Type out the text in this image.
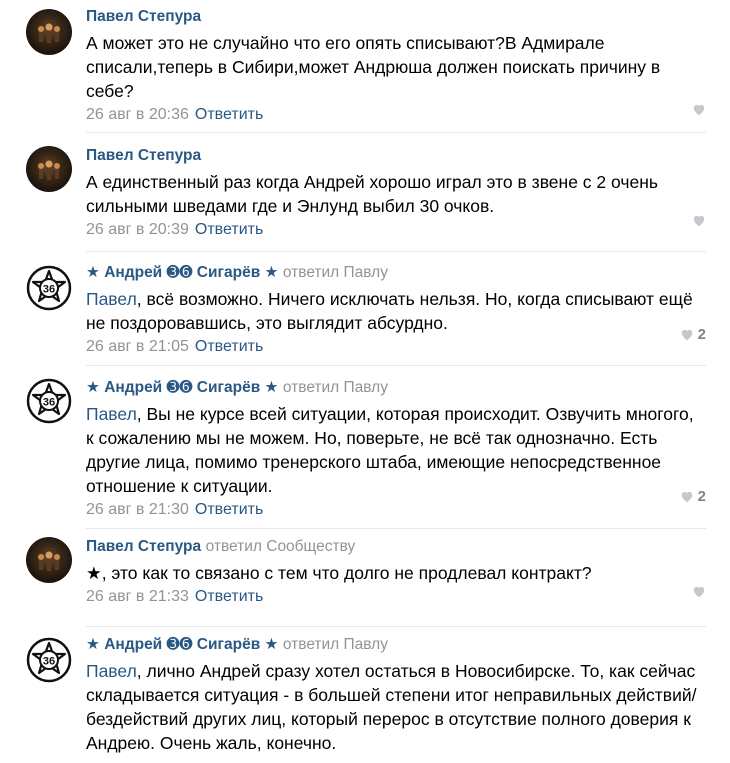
Павел Степура
А может это не случайно что его опять списывают?В Адмирале списали,теперь в Сибири,может Андрюша должен поискать причину в себе?
26 авг в 20:36 Ответить
Павел Степура
А единственный раз когда Андрей хорошо играл это в звене с 2 очень сильными шведами где и Энлунд выбил 30 очков.
26 авг в 20:39 Ответить
36
★ Андрей ➌➏ Сигарёв ★ ответил Павлу
Павел, всё возможно. Ничего исключать нельзя. Но, когда списывают ещё не поздоровавшись, это выглядит абсурдно.
26 авг в 21:05 Ответить
2
36
★ Андрей ➌➏ Сигарёв ★ ответил Павлу
Павел, Вы не курсе всей ситуации, которая происходит. Озвучить многого, к сожалению мы не можем. Но, поверьте, не всё так однозначно. Есть другие лица, помимо тренерского штаба, имеющие непосредственное отношение к ситуации.
26 авг в 21:30 Ответить
2
Павел Степура ответил Сообществу
★, это как то связано с тем что долго не продлевал контракт?
26 авг в 21:33 Ответить
36
★ Андрей ➌➏ Сигарёв ★ ответил Павлу
Павел, лично Андрей сразу хотел остаться в Новосибирске. То, как сейчас складывается ситуация - в большей степени итог неправильных действий/бездействий других лиц, который перерос в отсутствие полного доверия к Андрею. Очень жаль, конечно.
